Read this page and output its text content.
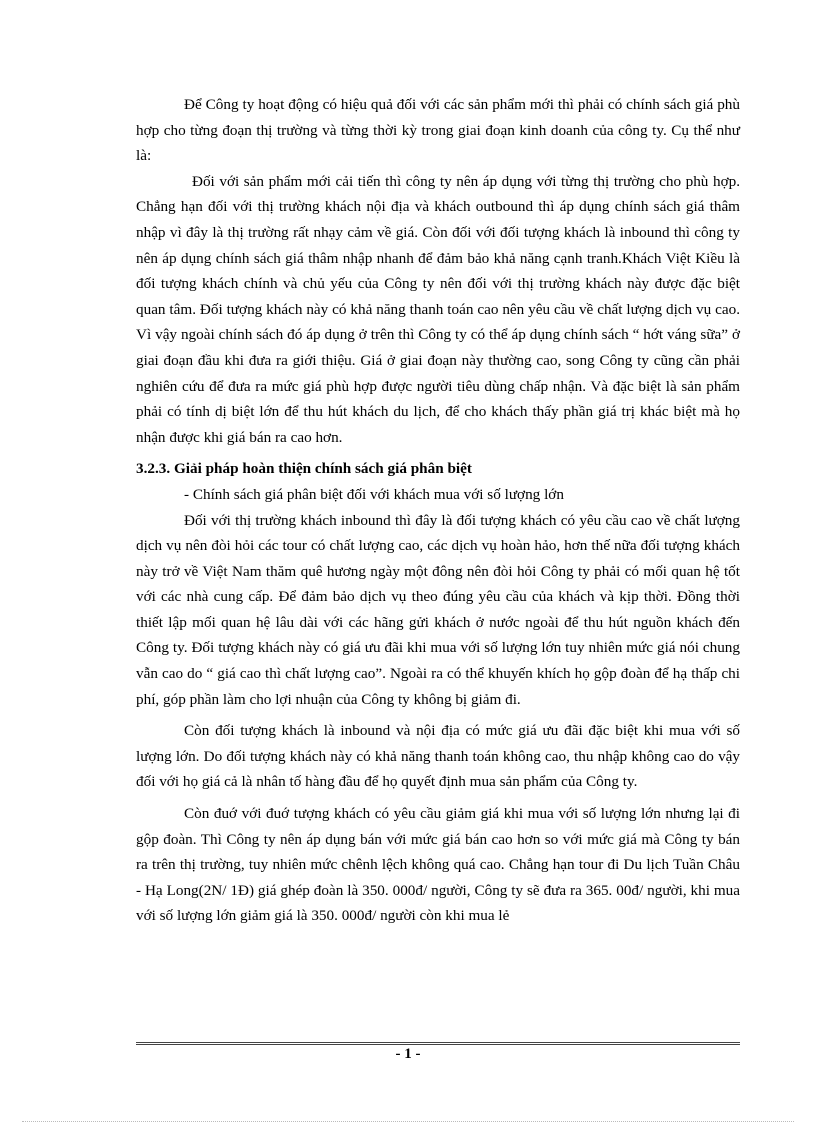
Để Công ty hoạt động có hiệu quả đối với các sản phẩm mới thì phải có chính sách giá phù hợp cho từng đoạn thị trường và từng thời kỳ trong giai đoạn kinh doanh của công ty. Cụ thể như là:

Đối với sản phẩm mới cải tiến thì công ty nên áp dụng với từng thị trường cho phù hợp. Chẳng hạn đối với thị trường khách nội địa và khách outbound thì áp dụng chính sách giá thâm nhập vì đây là thị trường rất nhạy cảm về giá. Còn đối với đối tượng khách là inbound thì công ty nên áp dụng chính sách giá thâm nhập nhanh để đảm bảo khả năng cạnh tranh.Khách Việt Kiều là đối tượng khách chính và chủ yếu của Công ty nên đối với thị trường khách này được đặc biệt quan tâm. Đối tượng khách này có khả năng thanh toán cao nên yêu cầu về chất lượng dịch vụ cao. Vì vậy ngoài chính sách đó áp dụng ở trên thì Công ty có thể áp dụng chính sách “ hớt váng sữa” ở giai đoạn đầu khi đưa ra giới thiệu. Giá ở giai đoạn này thường cao, song Công ty cũng cần phải nghiên cứu để đưa ra mức giá phù hợp được người tiêu dùng chấp nhận. Và đặc biệt là sản phẩm phải có tính dị biệt lớn để thu hút khách du lịch, để cho khách thấy phần giá trị khác biệt mà họ nhận được khi giá bán ra cao hơn.

3.2.3. Giải pháp hoàn thiện chính sách giá phân biệt

- Chính sách giá phân biệt đối với khách mua với số lượng lớn

Đối với thị trường khách inbound thì đây là đối tượng khách có yêu cầu cao về chất lượng dịch vụ nên đòi hỏi các tour có chất lượng cao, các dịch vụ hoàn hảo, hơn thế nữa đối tượng khách này trở về Việt Nam thăm quê hương ngày một đông nên đòi hỏi Công ty phải có mối quan hệ tốt với các nhà cung cấp. Để đảm bảo dịch vụ theo đúng yêu cầu của khách và kịp thời. Đồng thời thiết lập mối quan hệ lâu dài với các hãng gửi khách ở nước ngoài để thu hút nguồn khách đến Công ty. Đối tượng khách này có giá ưu đãi khi mua với số lượng lớn tuy nhiên mức giá nói chung vẫn cao do “ giá cao thì chất lượng cao”. Ngoài ra có thể khuyến khích họ gộp đoàn để hạ thấp chi phí, góp phần làm cho lợi nhuận của Công ty không bị giảm đi.

Còn đối tượng khách là inbound và nội địa có mức giá ưu đãi đặc biệt khi mua với số lượng lớn. Do đối tượng khách này có khả năng thanh toán không cao, thu nhập không cao do vậy đối với họ giá cả là nhân tố hàng đầu để họ quyết định mua sản phẩm của Công ty.

Còn đuớ với đuớ tượng khách có yêu cầu giảm giá khi mua với số lượng lớn nhưng lại đi gộp đoàn. Thì Công ty nên áp dụng bán với mức giá bán cao hơn so với mức giá mà Công ty bán ra trên thị trường, tuy nhiên mức chênh lệch không quá cao. Chẳng hạn tour đi Du lịch Tuần Châu - Hạ Long(2N/ 1Đ) giá ghép đoàn là 350. 000đ/ người, Công ty sẽ đưa ra 365. 00đ/ người, khi mua với số lượng lớn giảm giá là 350. 000đ/ người còn khi mua lẻ

- 1 -
